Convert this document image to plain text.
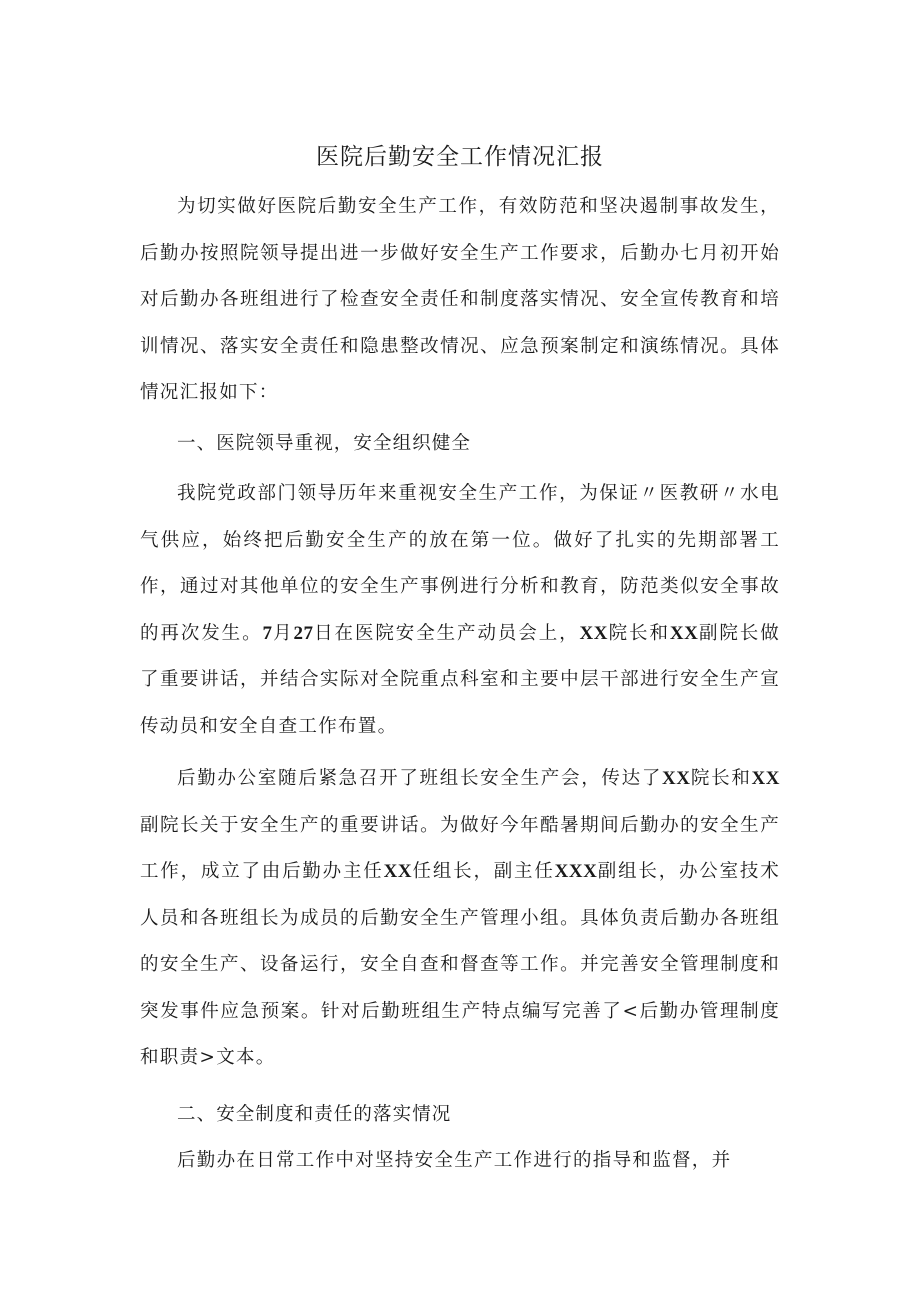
医院后勤安全工作情况汇报

为切实做好医院后勤安全生产工作，有效防范和坚决遏制事故发生，后勤办按照院领导提出进一步做好安全生产工作要求，后勤办七月初开始对后勤办各班组进行了检查安全责任和制度落实情况、安全宣传教育和培训情况、落实安全责任和隐患整改情况、应急预案制定和演练情况。具体情况汇报如下：

一、医院领导重视，安全组织健全

我院党政部门领导历年来重视安全生产工作，为保证〃医教研〃水电气供应，始终把后勤安全生产的放在第一位。做好了扎实的先期部署工作，通过对其他单位的安全生产事例进行分析和教育，防范类似安全事故的再次发生。7月27日在医院安全生产动员会上，XX院长和XX副院长做了重要讲话，并结合实际对全院重点科室和主要中层干部进行安全生产宣传动员和安全自查工作布置。

后勤办公室随后紧急召开了班组长安全生产会，传达了XX院长和XX副院长关于安全生产的重要讲话。为做好今年酷暑期间后勤办的安全生产工作，成立了由后勤办主任XX任组长，副主任XXX副组长，办公室技术人员和各班组长为成员的后勤安全生产管理小组。具体负责后勤办各班组的安全生产、设备运行，安全自查和督查等工作。并完善安全管理制度和突发事件应急预案。针对后勤班组生产特点编写完善了<后勤办管理制度和职责>文本。

二、安全制度和责任的落实情况

后勤办在日常工作中对坚持安全生产工作进行的指导和监督，并
